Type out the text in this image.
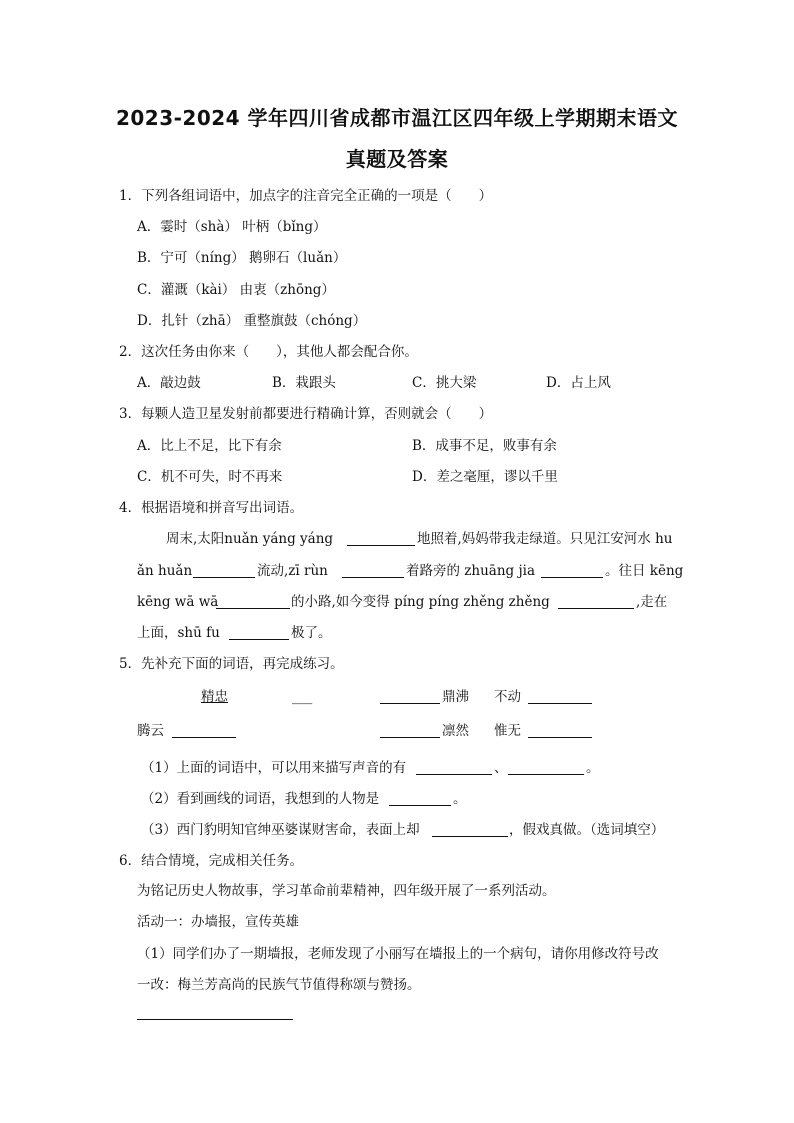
2023-2024 学年四川省成都市温江区四年级上学期期末语文
真题及答案
1．下列各组词语中，加点字的注音完全正确的一项是（　　）
A．霎时（shà） 叶柄（bǐng）
B．宁可（níng） 鹅卵石（luǎn）
C．灌溉（kài） 由衷（zhōng）
D．扎针（zhā） 重整旗鼓（chóng）
2．这次任务由你来（　　），其他人都会配合你。
A．敲边鼓	B．栽跟头	C．挑大梁	D．占上风
3．每颗人造卫星发射前都要进行精确计算，否则就会（　　）
A．比上不足，比下有余	B．成事不足，败事有余
C．机不可失，时不再来	D．差之毫厘，谬以千里
4．根据语境和拼音写出词语。
周末,太阳nuǎn yáng yáng	地照着,妈妈带我走绿道。只见江安河水 hu
ǎn huǎn	流动,zī rùn	着路旁的 zhuāng jia	。往日 kēng
kēng wā wā	的小路,如今变得 píng píng zhěng zhěng	,走在
上面，shū fu	极了。
5．先补充下面的词语，再完成练习。
精忠	___	鼎沸 不动
腾云	凛然 惟无
（1）上面的词语中，可以用来描写声音的有	、	。
（2）看到画线的词语，我想到的人物是	。
（3）西门豹明知官绅巫婆谋财害命，表面上却	，假戏真做。（选词填空）
6．结合情境，完成相关任务。
为铭记历史人物故事，学习革命前辈精神，四年级开展了一系列活动。
活动一：办墙报，宣传英雄
（1）同学们办了一期墙报，老师发现了小丽写在墙报上的一个病句，请你用修改符号改
一改：梅兰芳高尚的民族气节值得称颂与赞扬。
